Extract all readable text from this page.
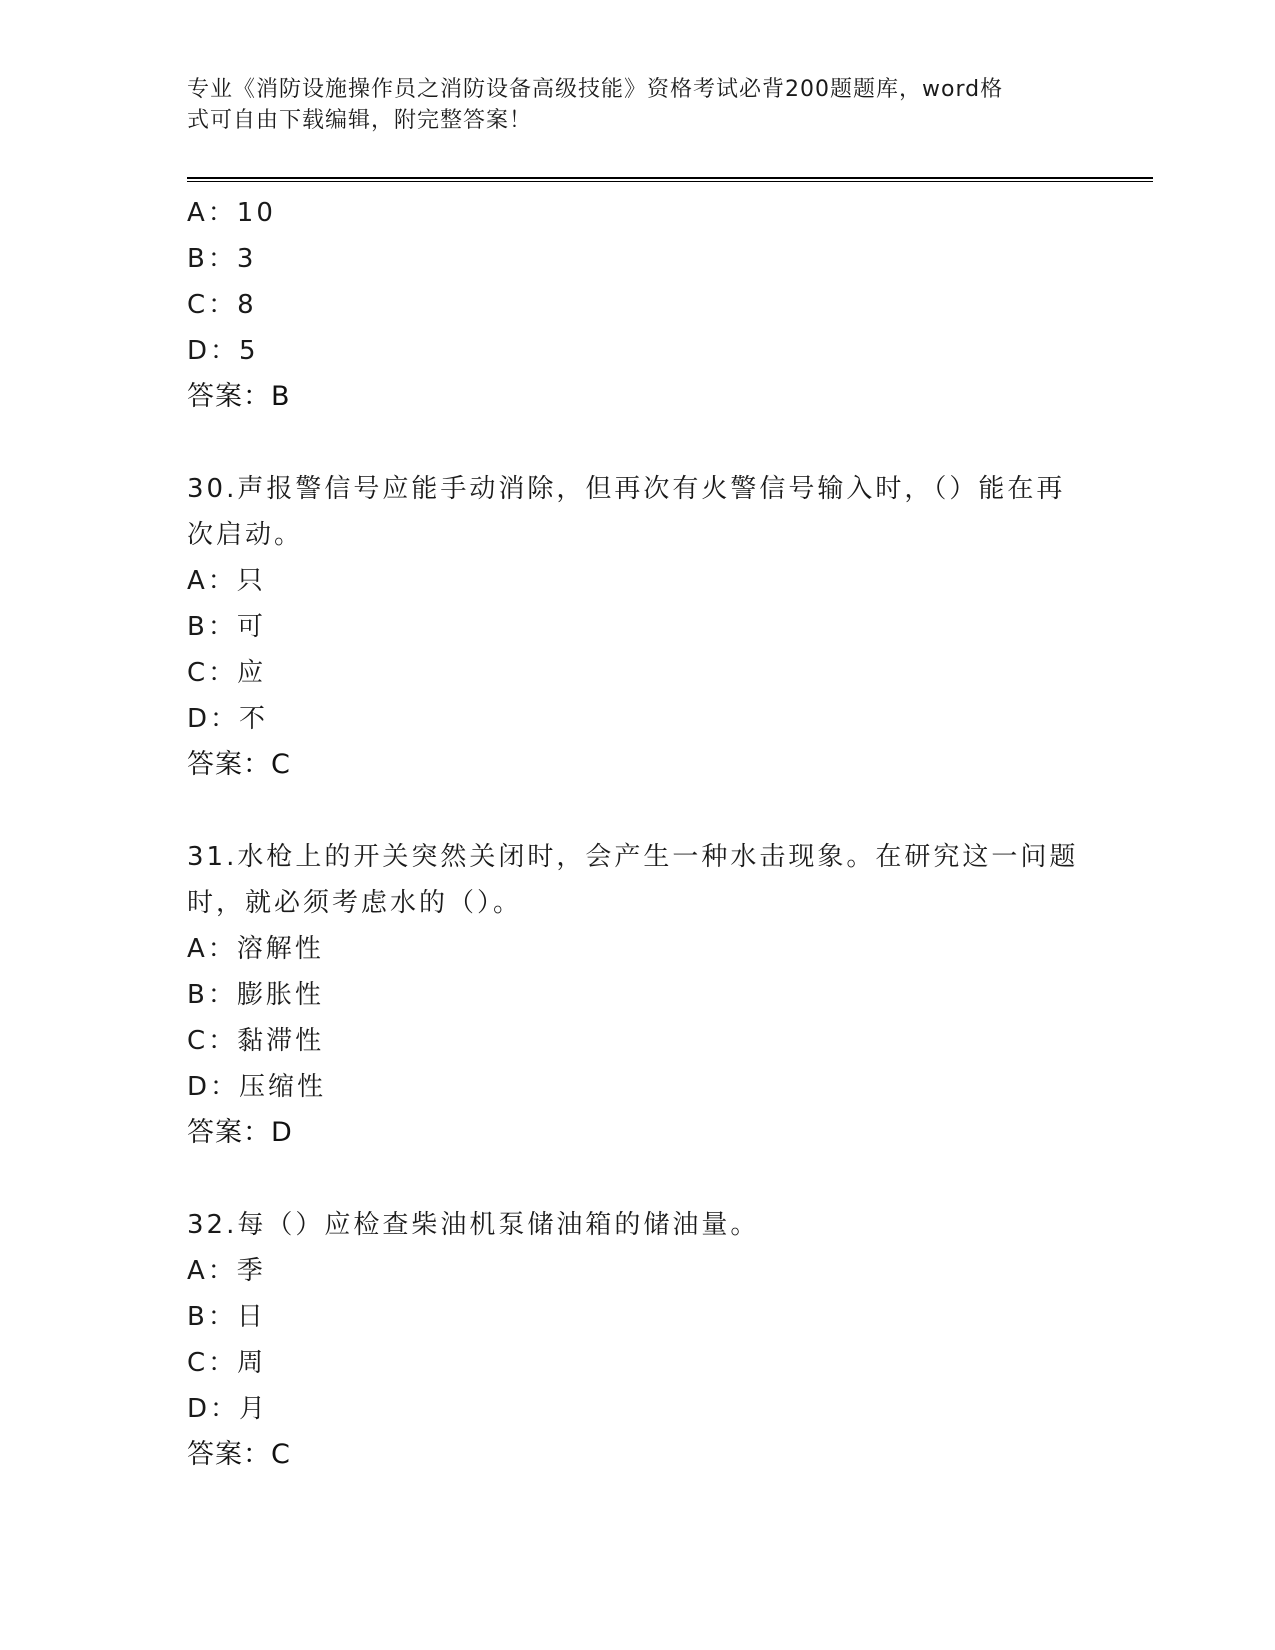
专业《消防设施操作员之消防设备高级技能》资格考试必背200题题库，word格
式可自由下载编辑，附完整答案！
A：10
B：3
C：8
D：5
答案：B
30.声报警信号应能手动消除，但再次有火警信号输入时，（）能在再
次启动。
A：只
B：可
C：应
D：不
答案：C
31.水枪上的开关突然关闭时，会产生一种水击现象。在研究这一问题
时，就必须考虑水的（）。
A：溶解性
B：膨胀性
C：黏滞性
D：压缩性
答案：D
32.每（）应检查柴油机泵储油箱的储油量。
A：季
B：日
C：周
D：月
答案：C
